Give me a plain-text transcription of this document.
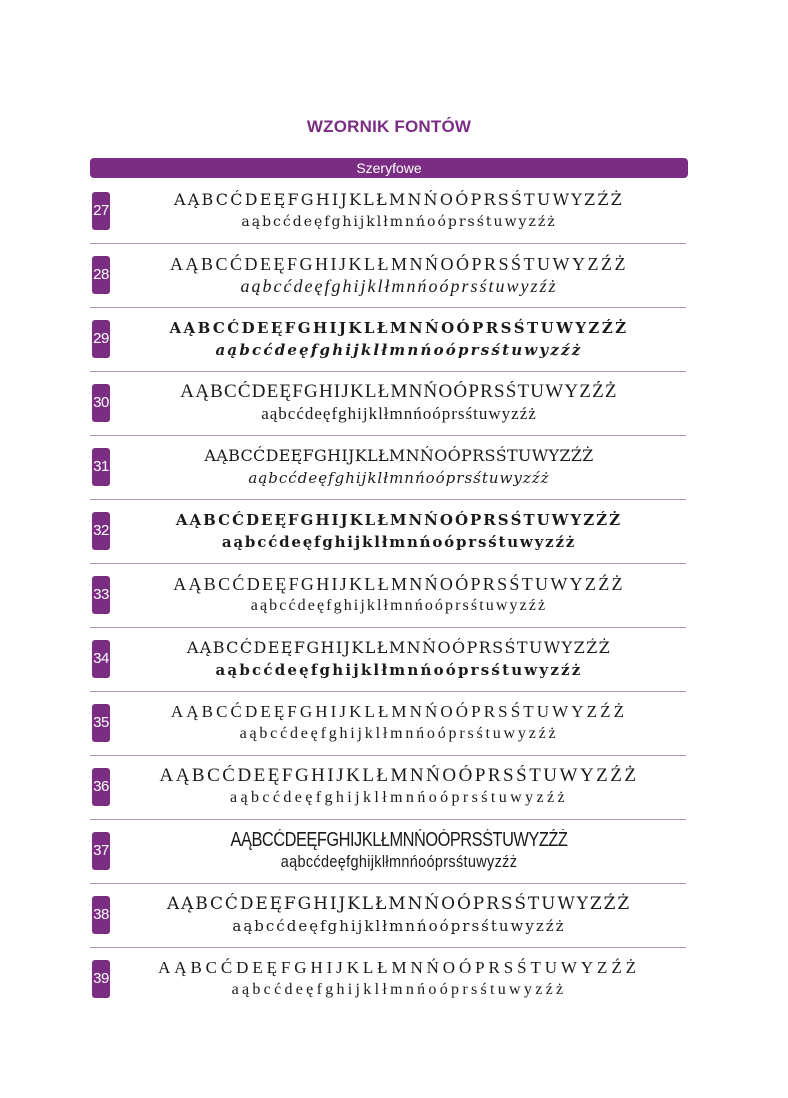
WZORNIK FONTÓW
Szeryfowe
27
AĄBCĆDEĘFGHIJKLŁMNŃOÓPRSŚTUWYZŹŻ
aąbcćdeęfghijklłmnńoóprsśtuwyzźż
28
AĄBCĆDEĘFGHIJKLŁMNŃOÓPRSŚTUWYZŹŻ
aąbcćdeęfghijklłmnńoóprsśtuwyzźż
29
AĄBCĆDEĘFGHIJKLŁMNŃOÓPRSŚTUWYZŹŻ
aąbcćdeęfghijklłmnńoóprsśtuwyzźż
30
AĄBCĆDEĘFGHIJKLŁMNŃOÓPRSŚTUWYZŹŻ
aąbcćdeęfghijklłmnńoóprsśtuwyzźż
31
AĄBCĆDEĘFGHIJKLŁMNŃOÓPRSŚTUWYZŹŻ
aąbcćdeęfghijklłmnńoóprsśtuwyzźż
32
AĄBCĆDEĘFGHIJKLŁMNŃOÓPRSŚTUWYZŹŻ
aąbcćdeęfghijklłmnńoóprsśtuwyzźż
33
AĄBCĆDEĘFGHIJKLŁMNŃOÓPRSŚTUWYZŹŻ
aąbcćdeęfghijklłmnńoóprsśtuwyzźż
34
AĄBCĆDEĘFGHIJKLŁMNŃOÓPRSŚTUWYZŹŻ
aąbcćdeęfghijklłmnńoóprsśtuwyzźż
35
AĄBCĆDEĘFGHIJKLŁMNŃOÓPRSŚTUWYZŹŻ
aąbcćdeęfghijklłmnńoóprsśtuwyzźż
36
AĄBCĆDEĘFGHIJKLŁMNŃOÓPRSŚTUWYZŹŻ
aąbcćdeęfghijklłmnńoóprsśtuwyzźż
37	AĄBCĆDEĘFGHIJKLŁMNŃOÓPRSŚTUWYZŹŻ
aąbcćdeęfghijklłmnńoóprsśtuwyzźż
38
AĄBCĆDEĘFGHIJKLŁMNŃOÓPRSŚTUWYZŹŻ
aąbcćdeęfghijklłmnńoóprsśtuwyzźż
39
AĄBCĆDEĘFGHIJKLŁMNŃOÓPRSŚTUWYZŹŻ
aąbcćdeęfghijklłmnńoóprsśtuwyzźż
